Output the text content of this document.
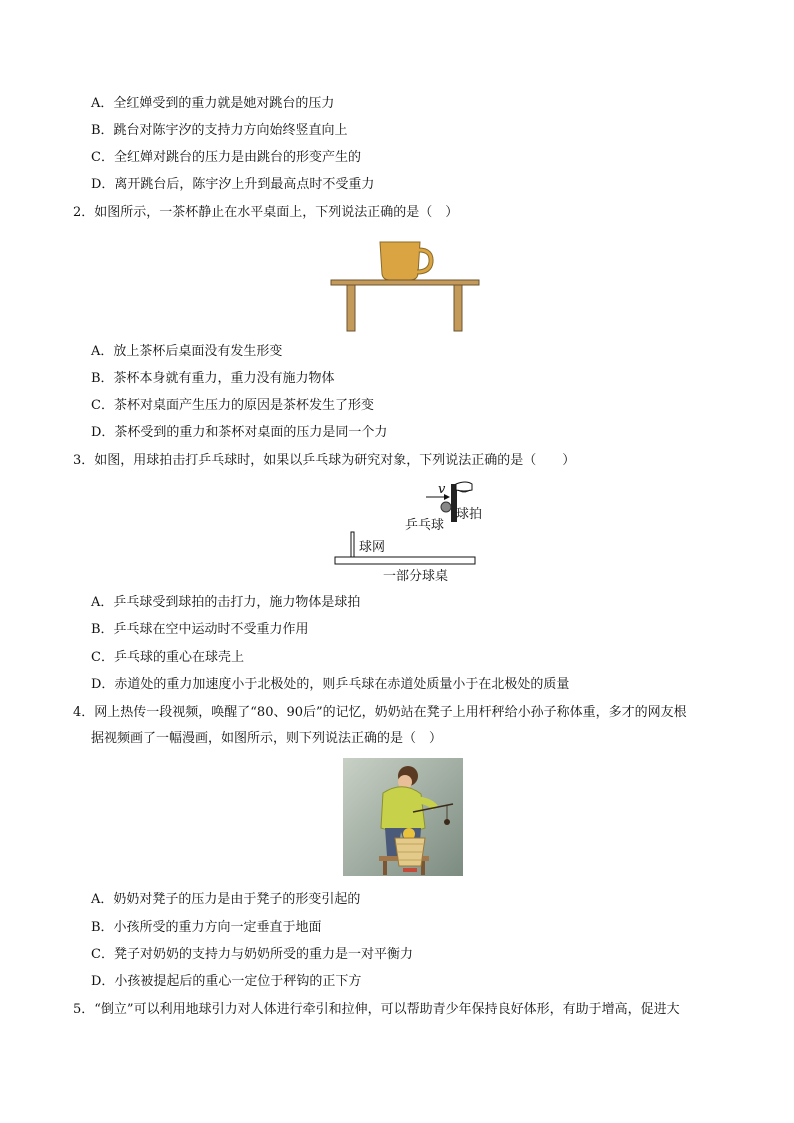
A．全红婵受到的重力就是她对跳台的压力
B．跳台对陈宇汐的支持力方向始终竖直向上
C．全红婵对跳台的压力是由跳台的形变产生的
D．离开跳台后，陈宇汐上升到最高点时不受重力
2．如图所示，一茶杯静止在水平桌面上，下列说法正确的是（　）
A．放上茶杯后桌面没有发生形变
B．茶杯本身就有重力，重力没有施力物体
C．茶杯对桌面产生压力的原因是茶杯发生了形变
D．茶杯受到的重力和茶杯对桌面的压力是同一个力
3．如图，用球拍击打乒乓球时，如果以乒乓球为研究对象，下列说法正确的是（　　）
v
球拍
乒乓球
球网
一部分球桌
A．乒乓球受到球拍的击打力，施力物体是球拍
B．乒乓球在空中运动时不受重力作用
C．乒乓球的重心在球壳上
D．赤道处的重力加速度小于北极处的，则乒乓球在赤道处质量小于在北极处的质量
4．网上热传一段视频，唤醒了“80、90后”的记忆，奶奶站在凳子上用杆秤给小孙子称体重，多才的网友根
据视频画了一幅漫画，如图所示，则下列说法正确的是（　）
A．奶奶对凳子的压力是由于凳子的形变引起的
B．小孩所受的重力方向一定垂直于地面
C．凳子对奶奶的支持力与奶奶所受的重力是一对平衡力
D．小孩被提起后的重心一定位于秤钩的正下方
5．“倒立”可以利用地球引力对人体进行牵引和拉伸，可以帮助青少年保持良好体形，有助于增高，促进大
